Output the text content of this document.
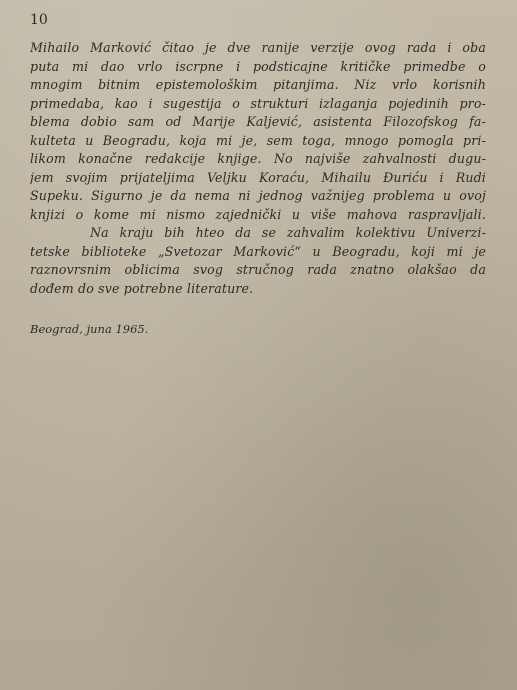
10
Mihailo Marković čitao je dve ranije verzije ovog rada i oba
puta mi dao vrlo iscrpne i podsticajne kritičke primedbe o
mnogim bitnim epistemološkim pitanjima. Niz vrlo korisnih
primedaba, kao i sugestija o strukturi izlaganja pojedinih pro-
blema dobio sam od Marije Kaljević, asistenta Filozofskog fa-
kulteta u Beogradu, koja mi je, sem toga, mnogo pomogla pri-
likom konačne redakcije knjige. No najviše zahvalnosti dugu-
jem svojim prijateljima Veljku Koraću, Mihailu Đuriću i Rudi
Supeku. Sigurno je da nema ni jednog važnijeg problema u ovoj
knjizi o kome mi nismo zajednički u više mahova raspravljali.
Na kraju bih hteo da se zahvalim kolektivu Univerzi-
tetske biblioteke „Svetozar Marković“ u Beogradu, koji mi je
raznovrsnim oblicima svog stručnog rada znatno olakšao da
dođem do sve potrebne literature.
Beograd, juna 1965.
